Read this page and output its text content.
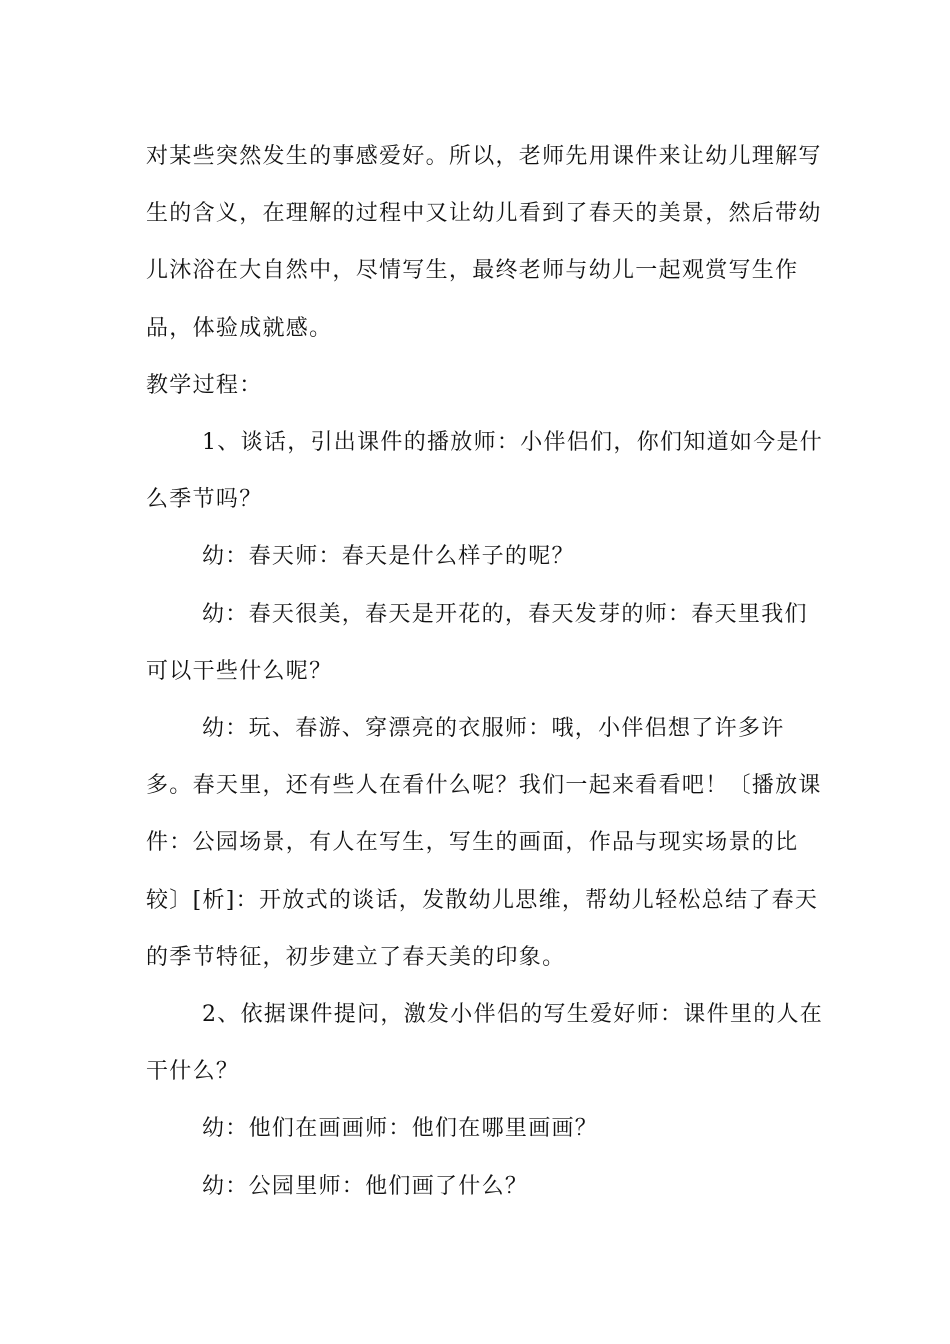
对某些突然发生的事感爱好。所以，老师先用课件来让幼儿理解写生的含义，在理解的过程中又让幼儿看到了春天的美景，然后带幼儿沐浴在大自然中，尽情写生，最终老师与幼儿一起观赏写生作品，体验成就感。

教学过程：

1、谈话，引出课件的播放师：小伴侣们，你们知道如今是什么季节吗？

幼：春天师：春天是什么样子的呢？

幼：春天很美，春天是开花的，春天发芽的师：春天里我们可以干些什么呢？

幼：玩、春游、穿漂亮的衣服师：哦，小伴侣想了许多许多。春天里，还有些人在看什么呢？我们一起来看看吧！〔播放课件：公园场景，有人在写生，写生的画面，作品与现实场景的比较〕[析]：开放式的谈话，发散幼儿思维，帮幼儿轻松总结了春天的季节特征，初步建立了春天美的印象。

2、依据课件提问，激发小伴侣的写生爱好师：课件里的人在干什么？

幼：他们在画画师：他们在哪里画画？

幼：公园里师：他们画了什么？
